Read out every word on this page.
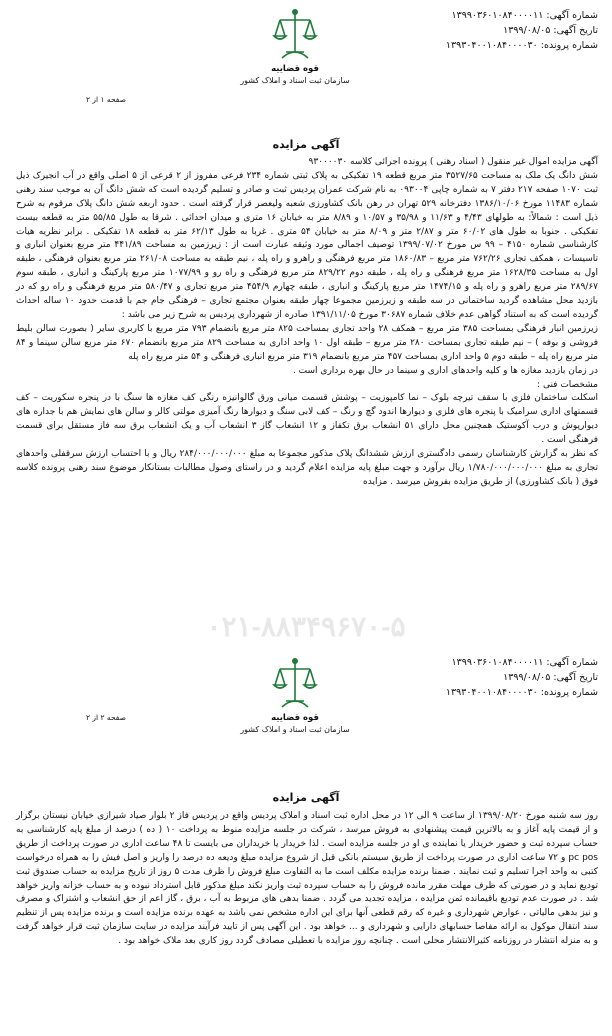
شماره آگهی: ۱۳۹۹۰۳۶۰۱۰۸۴۰۰۰۰۱۱
تاریخ آگهی: ۱۳۹۹/۰۸/۰۵
شماره پرونده: ۱۳۹۳۰۴۰۰۱۰۸۴۰۰۰۰۳۰
قوه قضاییه
سازمان ثبت اسناد و املاک کشور
صفحه ۱ از ۲
آگهی مزایده

آگهی مزایده اموال غیر منقول ( اسناد رهنی ) پرونده اجرائی کلاسه ۹۳۰۰۰۰۳۰

شش دانگ یک ملک به مساحت ۳۵۲۷/۶۵ متر مربع قطعه ۱۹ تفکیکی به پلاک ثبتی شماره ۲۳۴ فرعی مفروز از ۲ قرعی از ۵ اصلی واقع در آب انجیرک ذیل ثبت ۱۰۷۰ صفحه ۲۱۷ دفتر ۷ به شماره چاپی ۰۹۳۰۰۴ به نام شرکت عمران پردیس ثبت و صادر و تسلیم گردیده است که شش دانگ آن به موجب سند رهنی شماره ۱۱۴۸۳ مورخ ۱۳۸۶/۱۰/۰۶ دفترخانه ۵۲۹ تهران در رهن بانک کشاورزی شعبه ولیعصر قرار گرفته است . حدود اربعه شش دانگ پلاک مرقوم به شرح ذیل است : شمالاً: به طولهای ۴/۴۳ و ۱۱/۶۳ و ۳۵/۹۸ و ۱۰/۵۷ و ۸/۸۹ متر به خیابان ۱۶ متری و میدان احداثی . شرقا به طول ۵۵/۸۵ متر به قطعه بیست تفکیکی . جنوبا به طول های ۶۰/۰۲ متر و ۲/۸۷ متر و ۸/۰۹ متر به خیابان ۵۴ متری . غربا به طول ۶۲/۱۳ متر به قطعه ۱۸ تفکیکی . برابر نظریه هیات کارشناسی شماره ۴۱۵۰ – ۹۹ س مورخ ۱۳۹۹/۰۷/۰۲ توصیف اجمالی مورد وثیقه عبارت است از : زیرزمین به مساحت ۴۴۱/۸۹ متر مربع بعنوان انباری و تاسیسات ، همکف تجاری ۷۶۲/۲۶ متر مربع – ۱۸۶۰/۸۳ متر مربع فرهنگی و راهرو و راه پله ، نیم طبقه به مساحت ۲۶۱/۰۸ متر مربع بعنوان فرهنگی ، طبقه اول به مساحت ۱۶۲۸/۳۵ متر مربع فرهنگی و راه پله ، طبقه دوم ۸۲۹/۲۲ متر مربع فرهنگی و راه رو و ۱۰۷۷/۹۹ متر مربع پارکینگ و انباری ، طبقه سوم ۲۸۹/۶۷ متر مربع راهرو و راه پله و ۱۴۷۴/۱۵ متر مربع پارکینگ و انباری ، طبقه چهارم ۴۵۴/۹ متر مربع تجاری و ۵۸۰/۴۷ متر مربع فرهنگی و راه رو که در بازدید محل مشاهده گردید ساختمانی در سه طبقه و زیرزمین مجموعا چهار طبقه بعنوان مجتمع تجاری – فرهنگی جام جم با قدمت حدود ۱۰ ساله احداث گردیده است که به استناد گواهی عدم خلاف شماره ۳۰۶۸۷ مورخ ۱۳۹۱/۱۱/۰۵ صادره از شهرداری پردیس به شرح زیر می باشد :

زیرزمین انبار فرهنگی بمساحت ۳۸۵ متر مربع – همکف ۲۸ واحد تجاری بمساحت ۸۲۵ متر مربع بانضمام ۷۹۳ متر مربع با کاربری سایر ( بصورت سالن بلیط فروشی و بوفه ) – نیم طبقه تجاری بمساحت ۲۸۰ متر مربع – طبقه اول ۱۰ واحد اداری به مساحت ۸۲۹ متر مربع بانضمام ۶۷۰ متر مربع سالن سینما و ۸۴ متر مربع راه پله – طبقه دوم ۵ واحد اداری بمساحت ۴۵۷ متر مربع بانضمام ۳۱۹ متر مربع انباری فرهنگی و ۵۴ متر مربع راه پله

در زمان بازدید مغازه ها و کلیه واحدهای اداری و سینما در حال بهره برداری است .

مشخصات فنی :

اسکلت ساختمان فلزی با سقف تیرچه بلوک – نما کامپوزیت – پوشش قسمت میانی ورق گالوانیزه رنگی کف مغازه ها سنگ با در پنجره سکوریت – کف قسمتهای اداری سرامیک با پنجره های فلزی و دیوارها اندود گچ و رنگ – کف لابی سنگ و دیوارها رنگ آمیزی مولتی کالر و سالن های نمایش هم با جداره های دیوارپوش و درب آکوستیک همچنین محل دارای ۵۱ انشعاب برق تکفاز و ۱۲ انشعاب گاز ۳ انشعاب آب و یک انشعاب برق سه فاز مستقل برای قسمت فرهنگی است .

که نظر به گزارش کارشناسان رسمی دادگستری ارزش ششدانگ پلاک مذکور مجموعا به مبلغ ۲۸۴/۰۰۰/۰۰۰/۰۰۰ ریال و با احتساب ارزش سرقفلی واحدهای تجاری به مبلغ ۱/۷۸۰/۰۰۰/۰۰۰/۰۰۰ ریال برآورد و جهت مبلغ پایه مزایده اعلام گردید و در راستای وصول مطالبات بستانکار موضوع سند رهنی پرونده کلاسه فوق ( بانک کشاورزی) از طریق مزایده بفروش میرسد . مزایده

۰۲۱-۸۸۳۴۹۶۷۰-۵
شماره آگهی: ۱۳۹۹۰۳۶۰۱۰۸۴۰۰۰۰۱۱
تاریخ آگهی: ۱۳۹۹/۰۸/۰۵
شماره پرونده: ۱۳۹۳۰۴۰۰۱۰۸۴۰۰۰۰۳۰
قوه قضاییه
سازمان ثبت اسناد و املاک کشور
صفحه ۲ از ۲
آگهی مزایده

روز سه شنبه مورخ ۱۳۹۹/۰۸/۲۰ از ساعت ۹ الی ۱۲ در محل اداره ثبت اسناد و املاک پردیس واقع در پردیس فاز ۲ بلوار صیاد شیرازی خیابان نیستان برگزار و از قیمت پایه آغاز و به بالاترین قیمت پیشنهادی به فروش میرسد ، شرکت در جلسه مزایده منوط به پرداخت ۱۰ ( ده ) درصد از مبلغ پایه کارشناسی به حساب سپرده ثبت و حضور خریدار یا نماینده ی او در جلسه مزایده است . لذا خریدار یا خریداران می بایست تا ۴۸ ساعت اداری در صورت پرداخت از طریق pc pos و ۷۲ ساعت اداری در صورت پرداخت از طریق سیستم بانکی قبل از شروع مزایده مبلغ ودیعه ده درصد را واریز و اصل فیش را به همراه درخواست کتبی به واحد اجرا تسلیم و ثبت نمایند . ضمنا برنده مزایده مکلف است ما به التفاوت مبلغ فروش را ظرف مدت ۵ روز از تاریخ مزایده به حساب صندوق ثبت تودیع نماید و در صورتی که ظرف مهلت مقرر مانده فروش را به حساب سپرده ثبت واریز نکند مبلغ مذکور قابل استرداد نبوده و به حساب خزانه واریز خواهد شد . در صورت عدم تودیع باقیمانده ثمن مزایده ، مزایده تجدید می گردد . ضمنا بدهی های مربوط به آب ، برق ، گاز اعم از حق انشعاب و اشتراک و مصرف و نیز بدهی مالیاتی ، عوارض شهرداری و غیره که رقم قطعی آنها برای این اداره مشخص نمی باشد به عهده برنده مزایده است و برنده مزایده پس از تنظیم سند انتقال موکول به ارائه مفاصا حسابهای دارایی و شهرداری و ... خواهد بود . این آگهی پس از تایید فرآیند مزایده در سایت سازمان ثبت قرار خواهد گرفت و به منزله انتشار در روزنامه کثیرالانتشار محلی است . چنانچه روز مزایده با تعطیلی مصادف گردد روز کاری بعد ملاک خواهد بود .
